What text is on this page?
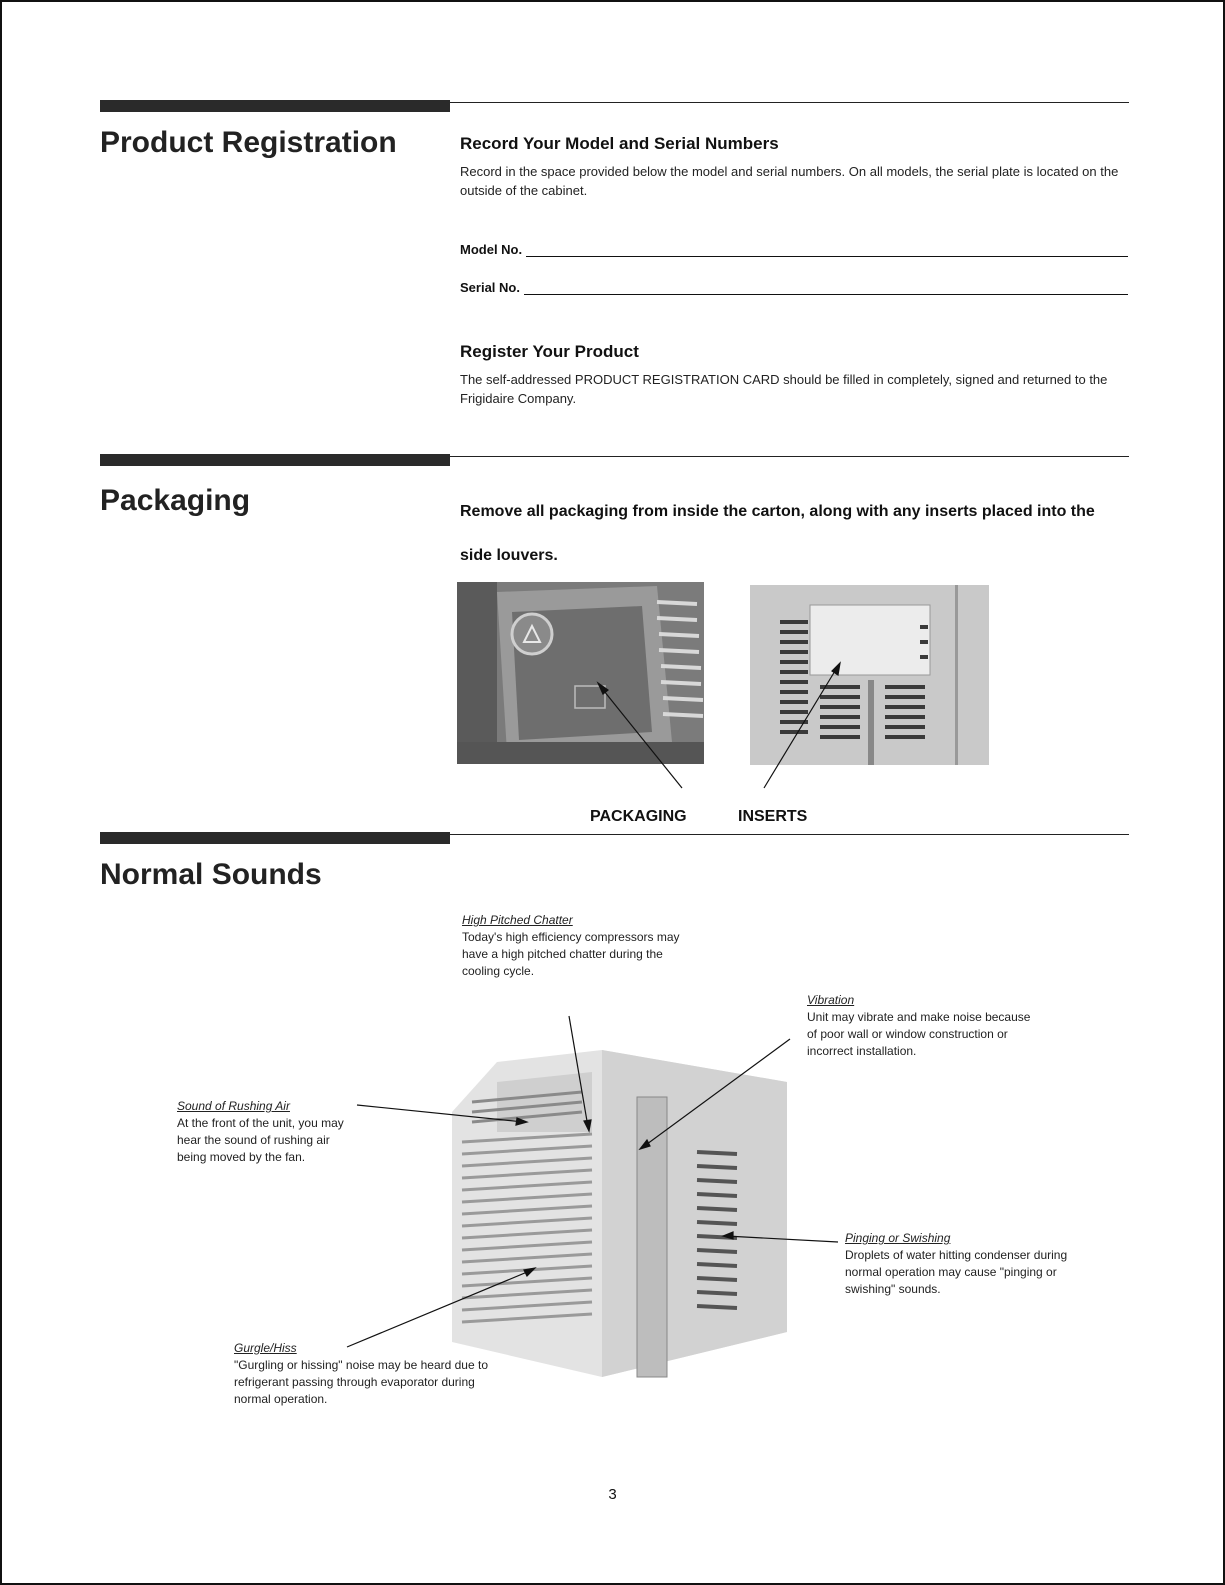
Product Registration	Record Your Model and Serial Numbers

Record in the space provided below the model and serial numbers. On all models, the serial plate is located on the outside of the cabinet.

Model No.
Serial No.
Register Your Product

The self-addressed PRODUCT REGISTRATION CARD should be filled in completely, signed and returned to the Frigidaire Company.

Packaging	Remove all packaging from inside the carton, along with any inserts placed into the side louvers.

PACKAGING	INSERTS
Normal Sounds
High Pitched Chatter
Today's high efficiency compressors may have a high pitched chatter during the cooling cycle.
Vibration
Unit may vibrate and make noise because of poor wall or window construction or incorrect installation.
Sound of Rushing Air
At the front of the unit, you may hear the sound of rushing air being moved by the fan.
Pinging or Swishing
Droplets of water hitting condenser during normal operation may cause "pinging or swishing" sounds.
Gurgle/Hiss
"Gurgling or hissing" noise may be heard due to refrigerant passing through evaporator during normal operation.
3
